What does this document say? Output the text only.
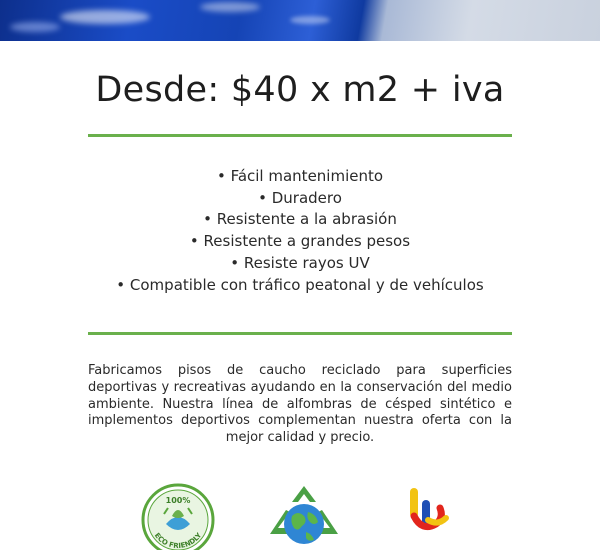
Desde: $40 x m2 + iva
• Fácil mantenimiento
• Duradero
• Resistente a la abrasión
• Resistente a grandes pesos
• Resiste rayos UV
• Compatible con tráfico peatonal y de vehículos

Fabricamos pisos de caucho reciclado para superficies deportivas y recreativas ayudando en la conservación del medio ambiente. Nuestra línea de alfombras de césped sintético e implementos deportivos complementan nuestra oferta con la mejor calidad y precio.

100%
ECO FRIENDLY
